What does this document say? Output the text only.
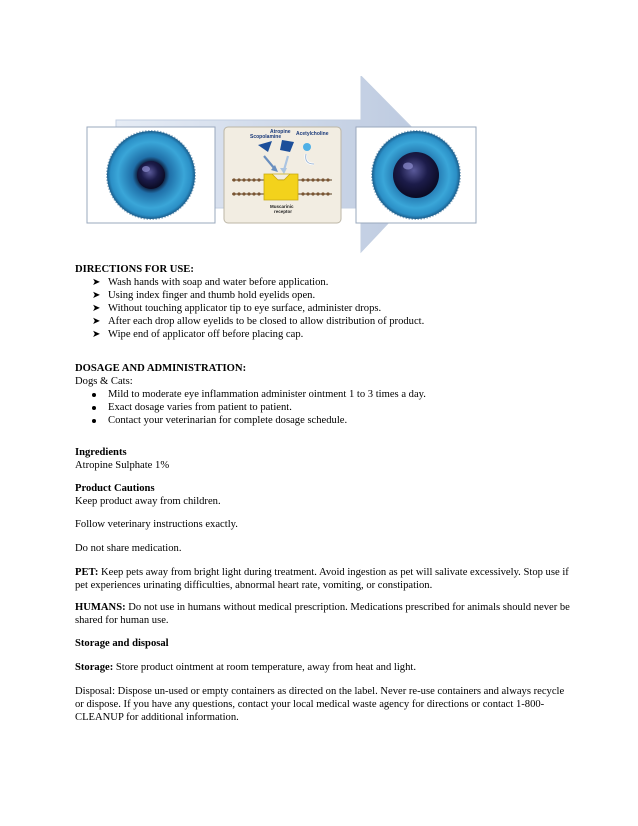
Scopolamine
Atropine Acetylcholine
Muscarinic
receptor
DIRECTIONS FOR USE:
➤ Wash hands with soap and water before application.
➤ Using index finger and thumb hold eyelids open.
➤ Without touching applicator tip to eye surface, administer drops.
➤ After each drop allow eyelids to be closed to allow distribution of product.
➤ Wipe end of applicator off before placing cap.
DOSAGE AND ADMINISTRATION:
Dogs & Cats:
Mild to moderate eye inflammation administer ointment 1 to 3 times a day.
Exact dosage varies from patient to patient.
Contact your veterinarian for complete dosage schedule.
Ingredients
Atropine Sulphate 1%
Product Cautions
Keep product away from children.
Follow veterinary instructions exactly.
Do not share medication.
PET: Keep pets away from bright light during treatment. Avoid ingestion as pet will salivate excessively. Stop use if pet experiences urinating difficulties, abnormal heart rate, vomiting, or constipation.
HUMANS: Do not use in humans without medical prescription. Medications prescribed for animals should never be shared for human use.
Storage and disposal
Storage: Store product ointment at room temperature, away from heat and light.
Disposal: Dispose un-used or empty containers as directed on the label. Never re-use containers and always recycle or dispose. If you have any questions, contact your local medical waste agency for directions or contact 1-800-CLEANUP for additional information.
